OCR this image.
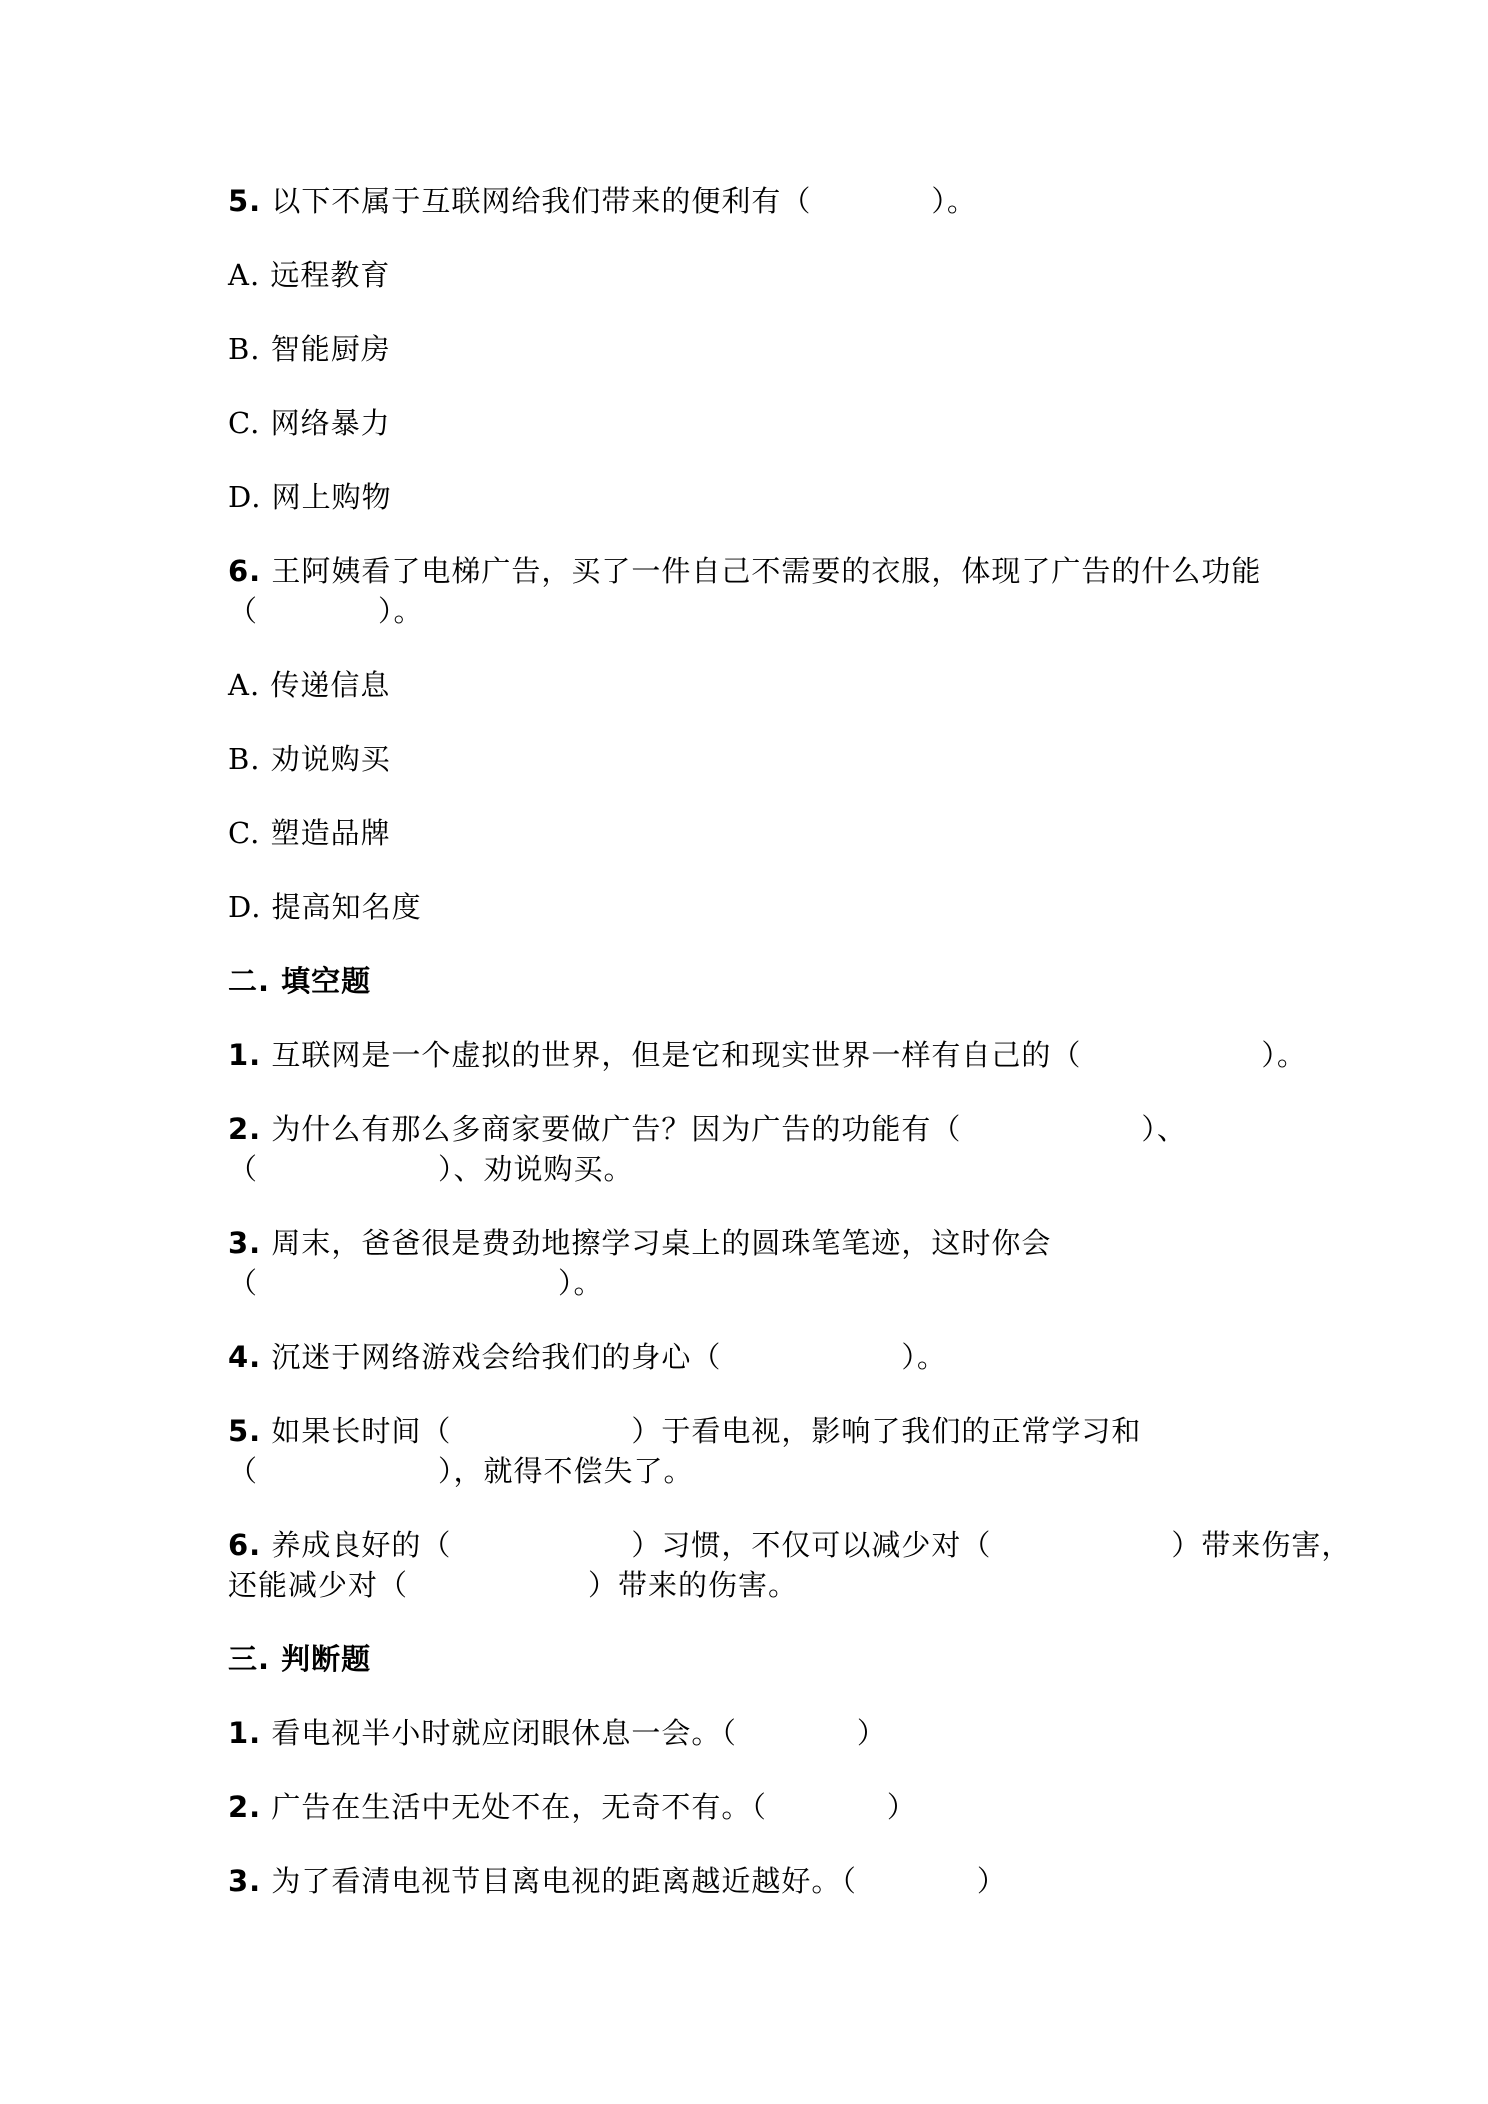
5. 以下不属于互联网给我们带来的便利有（　　　　）。
A. 远程教育
B. 智能厨房
C. 网络暴力
D. 网上购物
6. 王阿姨看了电梯广告，买了一件自己不需要的衣服，体现了广告的什么功能
（　　　　）。
A. 传递信息
B. 劝说购买
C. 塑造品牌
D. 提高知名度
二. 填空题
1. 互联网是一个虚拟的世界，但是它和现实世界一样有自己的（　　　　　　）。
2. 为什么有那么多商家要做广告？因为广告的功能有（　　　　　　）、
（　　　　　　）、劝说购买。
3. 周末，爸爸很是费劲地擦学习桌上的圆珠笔笔迹，这时你会
（　　　　　　　　　　）。
4. 沉迷于网络游戏会给我们的身心（　　　　　　）。
5. 如果长时间（　　　　　　）于看电视，影响了我们的正常学习和
（　　　　　　），就得不偿失了。
6. 养成良好的（　　　　　　）习惯，不仅可以减少对（　　　　　　）带来伤害，
还能减少对（　　　　　　）带来的伤害。
三. 判断题
1. 看电视半小时就应闭眼休息一会。（　　　　）
2. 广告在生活中无处不在，无奇不有。（　　　　）
3. 为了看清电视节目离电视的距离越近越好。（　　　　）
